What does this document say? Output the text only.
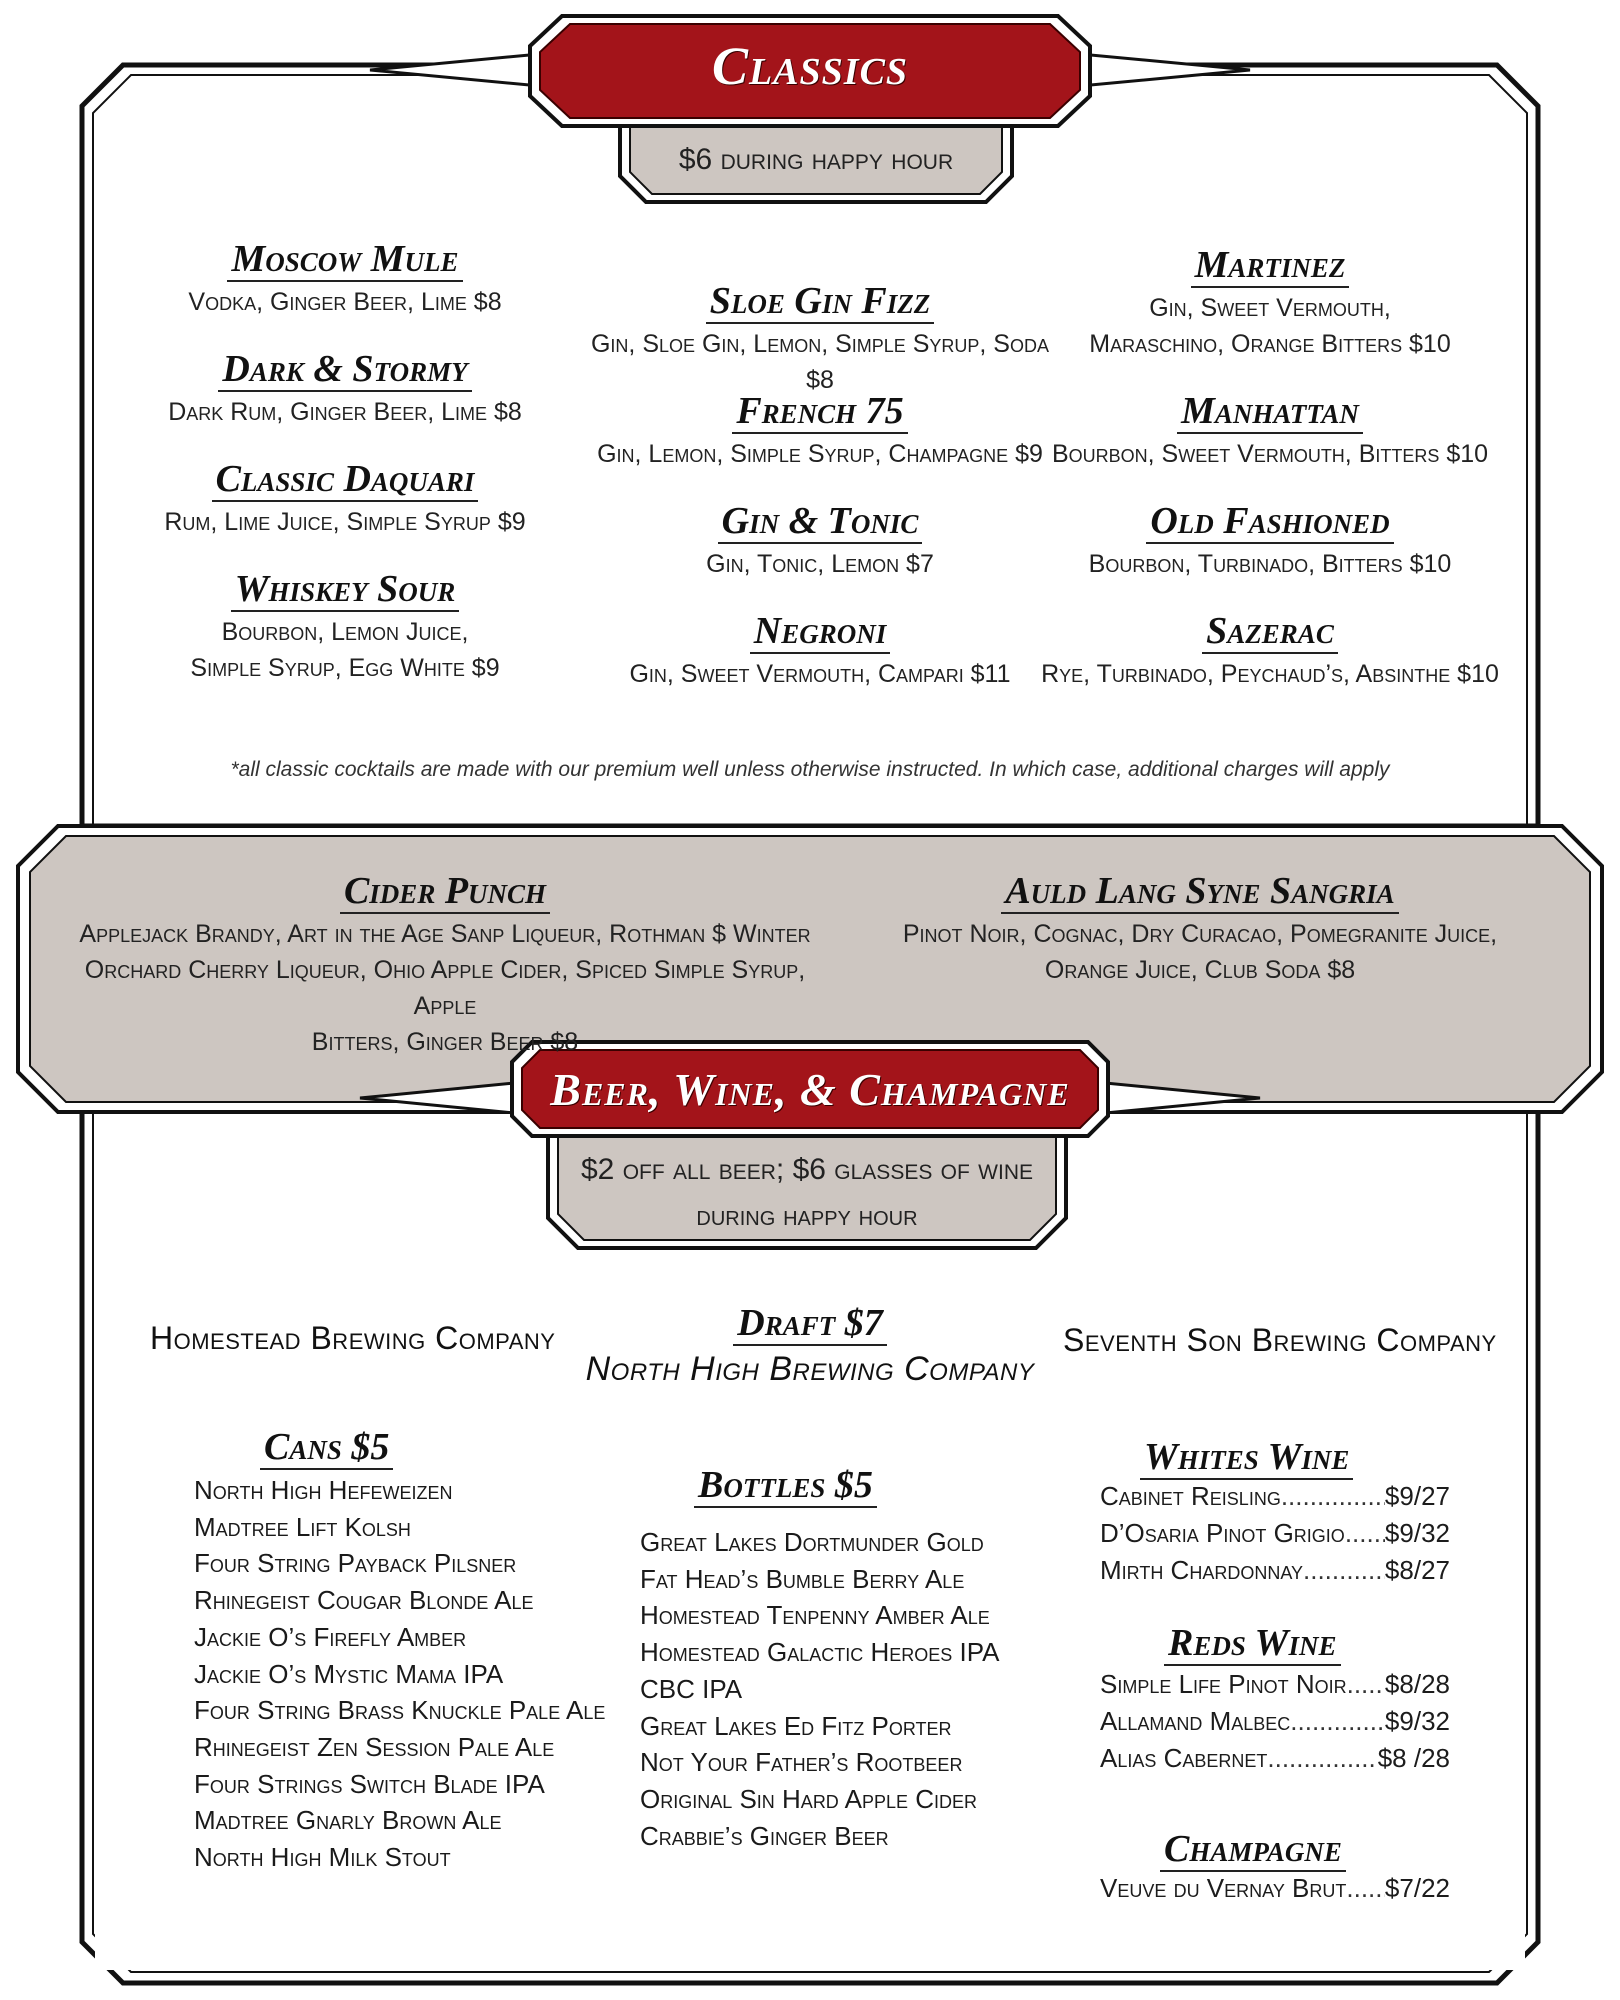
Classics
$6 during happy hour
Moscow Mule
Vodka, Ginger Beer, Lime $8
Dark & Stormy
Dark Rum, Ginger Beer, Lime $8
Classic Daquari
Rum, Lime Juice, Simple Syrup $9
Whiskey Sour
Bourbon, Lemon Juice,
Simple Syrup, Egg White $9
Sloe Gin Fizz
Gin, Sloe Gin, Lemon, Simple Syrup, Soda $8
French 75
Gin, Lemon, Simple Syrup, Champagne $9
Gin & Tonic
Gin, Tonic, Lemon $7
Negroni
Gin, Sweet Vermouth, Campari $11
Martinez
Gin, Sweet Vermouth,
Maraschino, Orange Bitters $10
Manhattan
Bourbon, Sweet Vermouth, Bitters $10
Old Fashioned
Bourbon, Turbinado, Bitters $10
Sazerac
Rye, Turbinado, Peychaud’s, Absinthe $10
*all classic cocktails are made with our premium well unless otherwise instructed. In which case, additional charges will apply
Cider Punch
Applejack Brandy, Art in the Age Sanp Liqueur, Rothman $ Winter
Orchard Cherry Liqueur, Ohio Apple Cider, Spiced Simple Syrup, Apple
Bitters, Ginger Beer $8
Auld Lang Syne Sangria
Pinot Noir, Cognac, Dry Curacao, Pomegranite Juice,
Orange Juice, Club Soda $8
Beer, Wine, & Champagne
$2 off all beer; $6 glasses of wine
during happy hour
Homestead Brewing Company	Draft $7
North High Brewing Company
Seventh Son Brewing Company
Cans $5
North High Hefeweizen
Madtree Lift Kolsh
Four String Payback Pilsner
Rhinegeist Cougar Blonde Ale
Jackie O’s Firefly Amber
Jackie O’s Mystic Mama IPA
Four String Brass Knuckle Pale Ale
Rhinegeist Zen Session Pale Ale
Four Strings Switch Blade IPA
Madtree Gnarly Brown Ale
North High Milk Stout
Bottles $5
Great Lakes Dortmunder Gold
Fat Head’s Bumble Berry Ale
Homestead Tenpenny Amber Ale
Homestead Galactic Heroes IPA
CBC IPA
Great Lakes Ed Fitz Porter
Not Your Father’s Rootbeer
Original Sin Hard Apple Cider
Crabbie’s Ginger Beer
Whites Wine
Cabinet Reisling .....	$9/27
D’Osaria Pinot Grigio ..... $9/32
Mirth Chardonnay .....	$8/27
Reds Wine
Simple Life Pinot Noir ..... $8/28
Allamand Malbec .....	$9/32
Alias Cabernet .....	$8 /28
Champagne
Veuve du Vernay Brut ..... $7/22
